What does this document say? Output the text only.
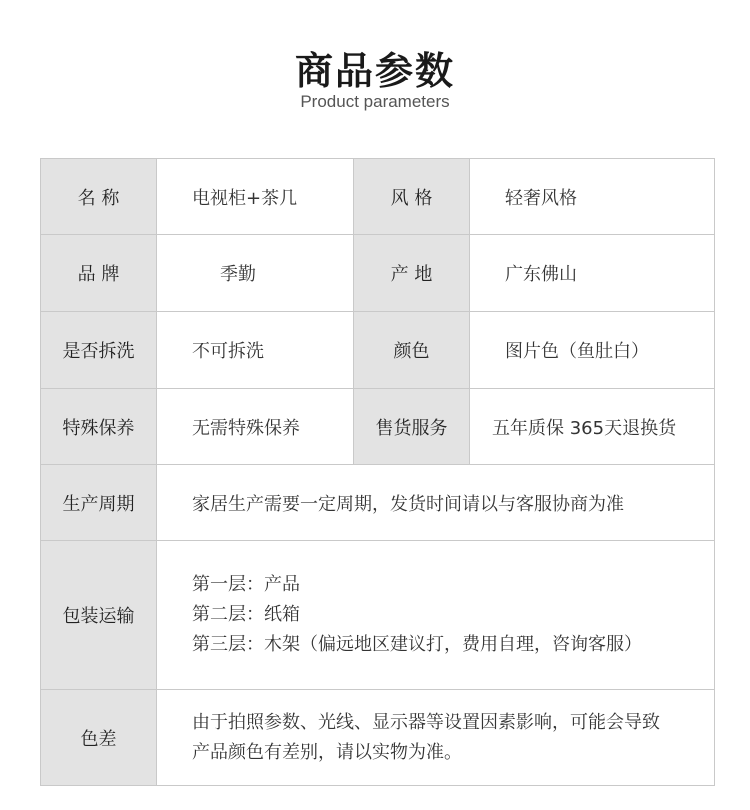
商品参数
Product parameters
名 称	电视柜+茶几	风 格	轻奢风格
品 牌	季勤	产 地	广东佛山
是否拆洗	不可拆洗	颜色	图片色（鱼肚白）
特殊保养	无需特殊保养	售货服务	五年质保 365天退换货
生产周期	家居生产需要一定周期，发货时间请以与客服协商为准		
包装运输	第一层：产品
第二层：纸箱
第三层：木架（偏远地区建议打，费用自理，咨询客服）		

色差	由于拍照参数、光线、显示器等设置因素影响，可能会导致
产品颜色有差别，请以实物为准。		
